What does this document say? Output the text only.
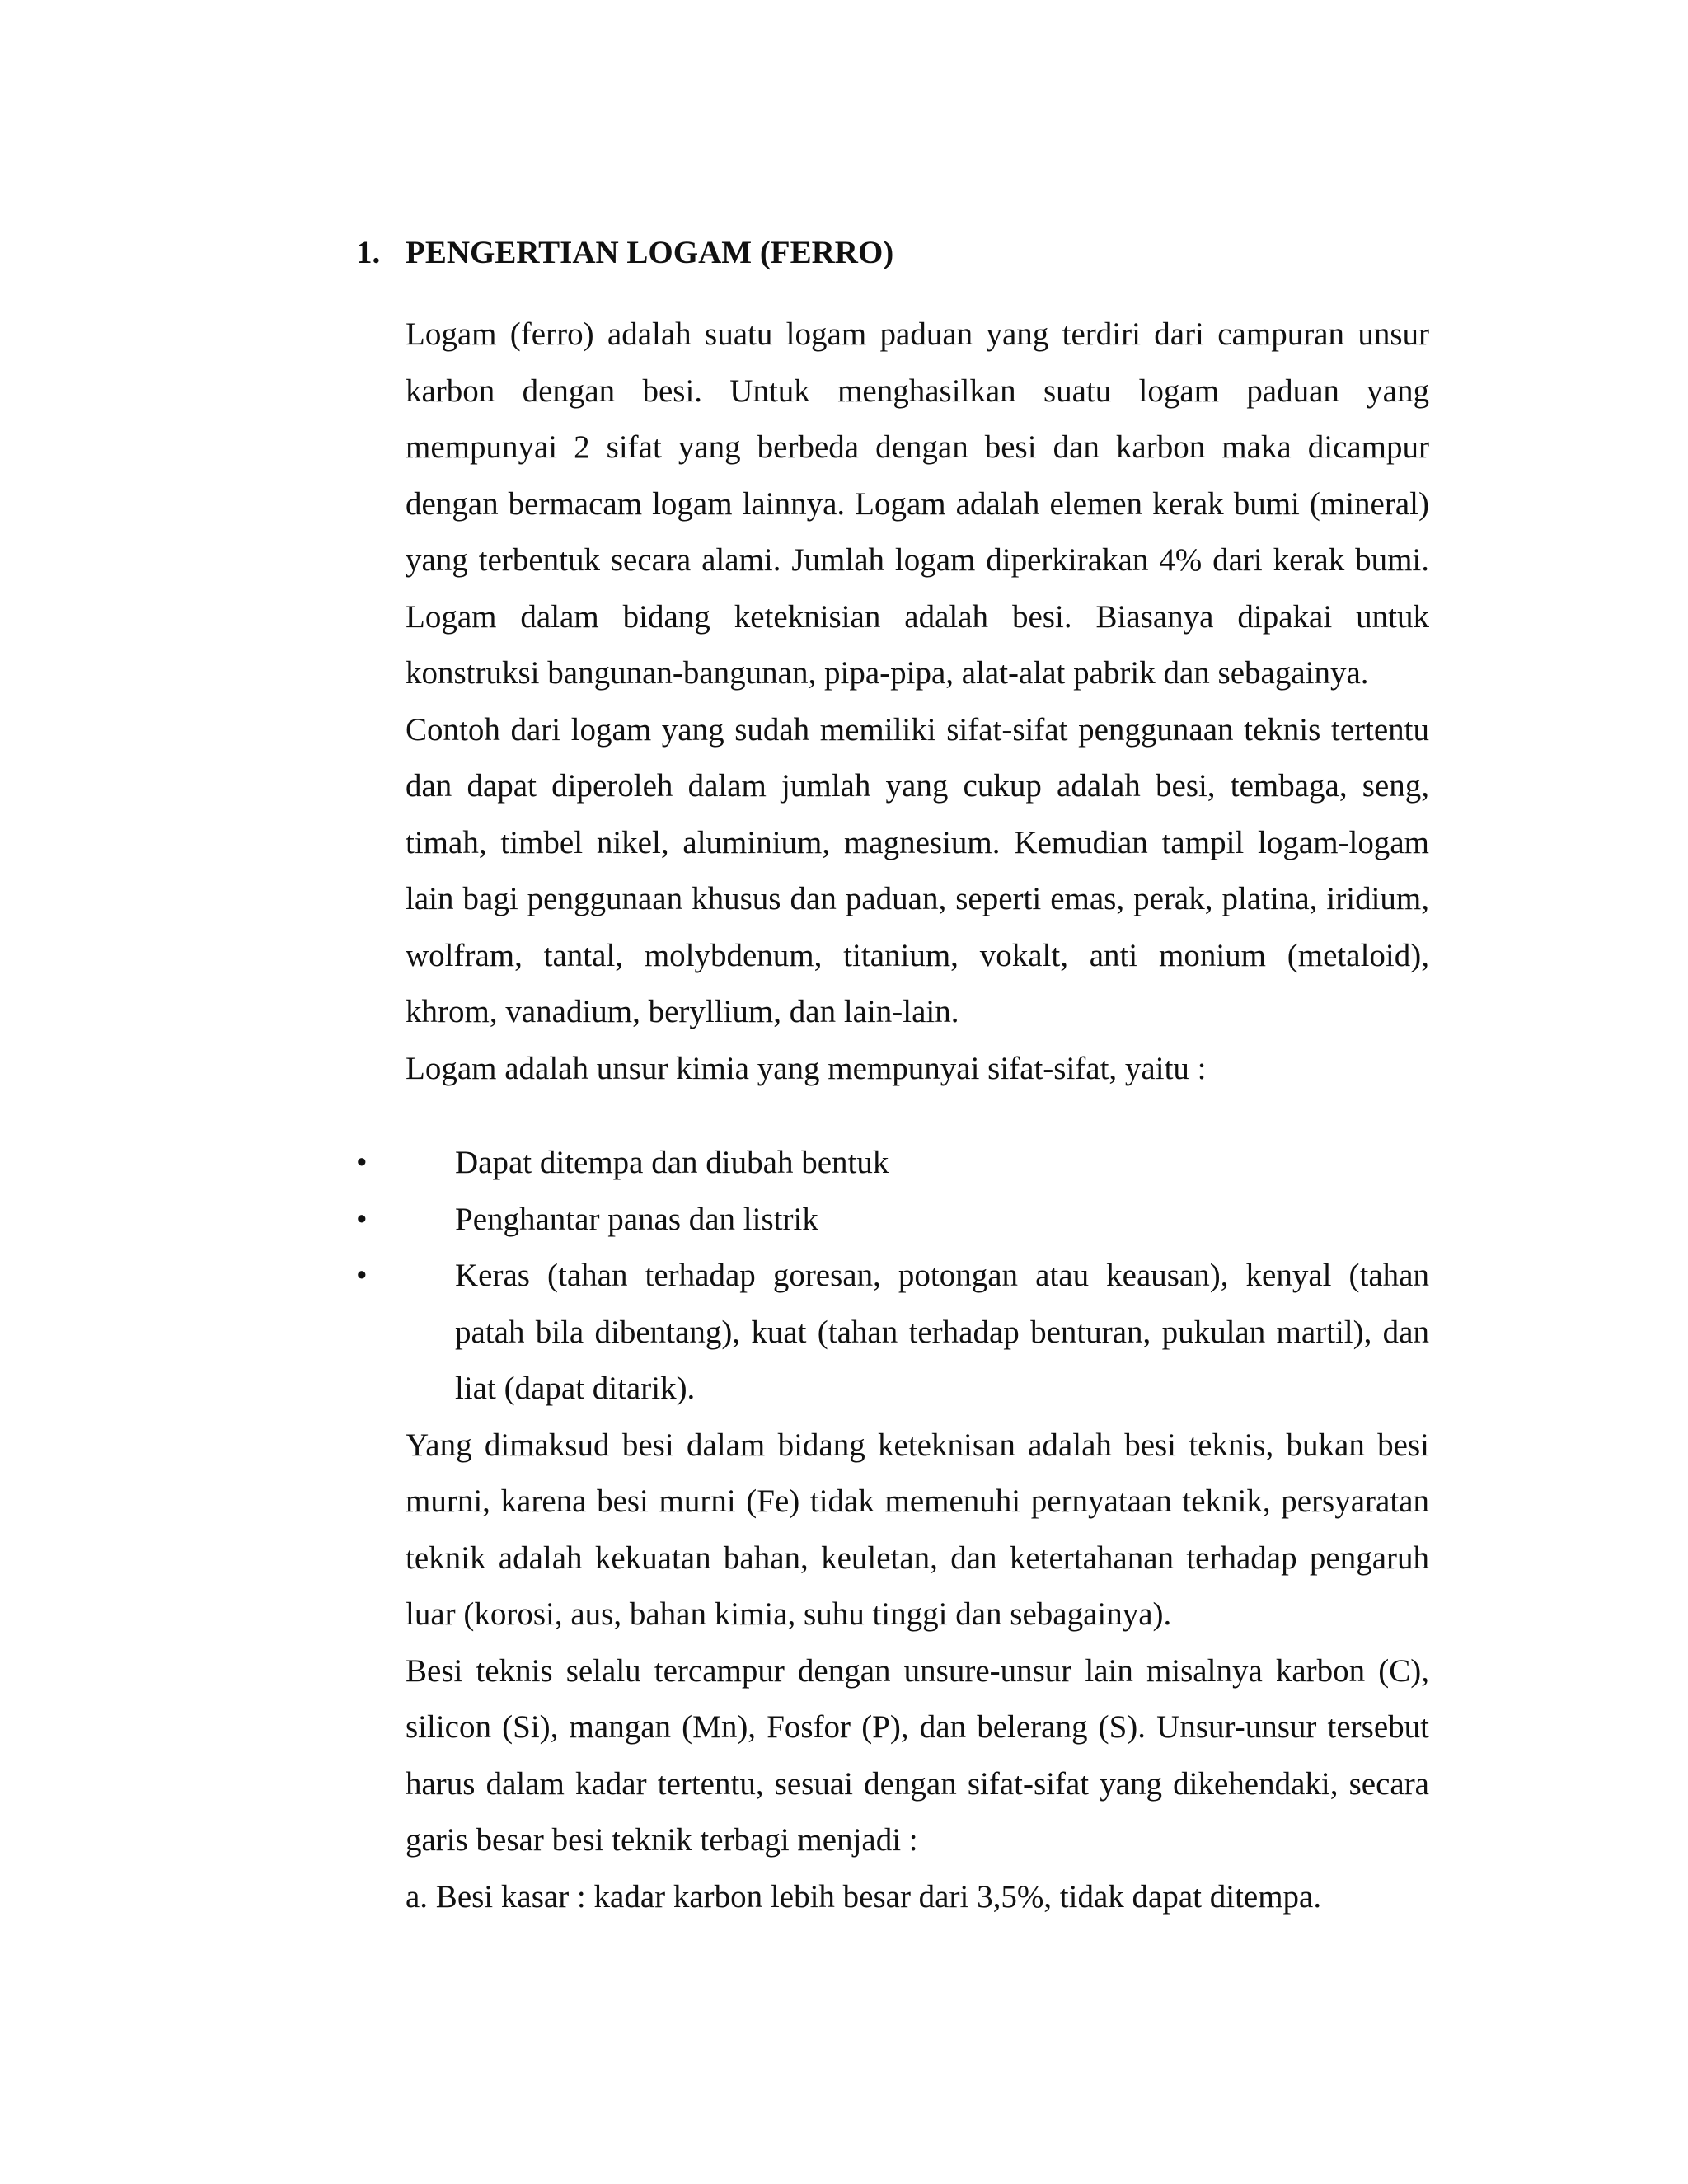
1. PENGERTIAN LOGAM (FERRO)

Logam (ferro) adalah suatu logam paduan yang terdiri dari campuran unsur karbon dengan besi. Untuk menghasilkan suatu logam paduan yang mempunyai 2 sifat yang berbeda dengan besi dan karbon maka dicampur dengan bermacam logam lainnya. Logam adalah elemen kerak bumi (mineral) yang terbentuk secara alami. Jumlah logam diperkirakan 4% dari kerak bumi. Logam dalam bidang keteknisian adalah besi. Biasanya dipakai untuk konstruksi bangunan-bangunan, pipa-pipa, alat-alat pabrik dan sebagainya.

Contoh dari logam yang sudah memiliki sifat-sifat penggunaan teknis tertentu dan dapat diperoleh dalam jumlah yang cukup adalah besi, tembaga, seng, timah, timbel nikel, aluminium, magnesium. Kemudian tampil logam-logam lain bagi penggunaan khusus dan paduan, seperti emas, perak, platina, iridium, wolfram, tantal, molybdenum, titanium, vokalt, anti monium (metaloid), khrom, vanadium, beryllium, dan lain-lain.

Logam adalah unsur kimia yang mempunyai sifat-sifat, yaitu :

•	Dapat ditempa dan diubah bentuk
•	Penghantar panas dan listrik
•	Keras (tahan terhadap goresan, potongan atau keausan), kenyal (tahan patah bila dibentang), kuat (tahan terhadap benturan, pukulan martil), dan liat (dapat ditarik).

Yang dimaksud besi dalam bidang keteknisan adalah besi teknis, bukan besi murni, karena besi murni (Fe) tidak memenuhi pernyataan teknik, persyaratan teknik adalah kekuatan bahan, keuletan, dan ketertahanan terhadap pengaruh luar (korosi, aus, bahan kimia, suhu tinggi dan sebagainya).

Besi teknis selalu tercampur dengan unsure-unsur lain misalnya karbon (C), silicon (Si), mangan (Mn), Fosfor (P), dan belerang (S). Unsur-unsur tersebut harus dalam kadar tertentu, sesuai dengan sifat-sifat yang dikehendaki, secara garis besar besi teknik terbagi menjadi :

a. Besi kasar : kadar karbon lebih besar dari 3,5%, tidak dapat ditempa.
